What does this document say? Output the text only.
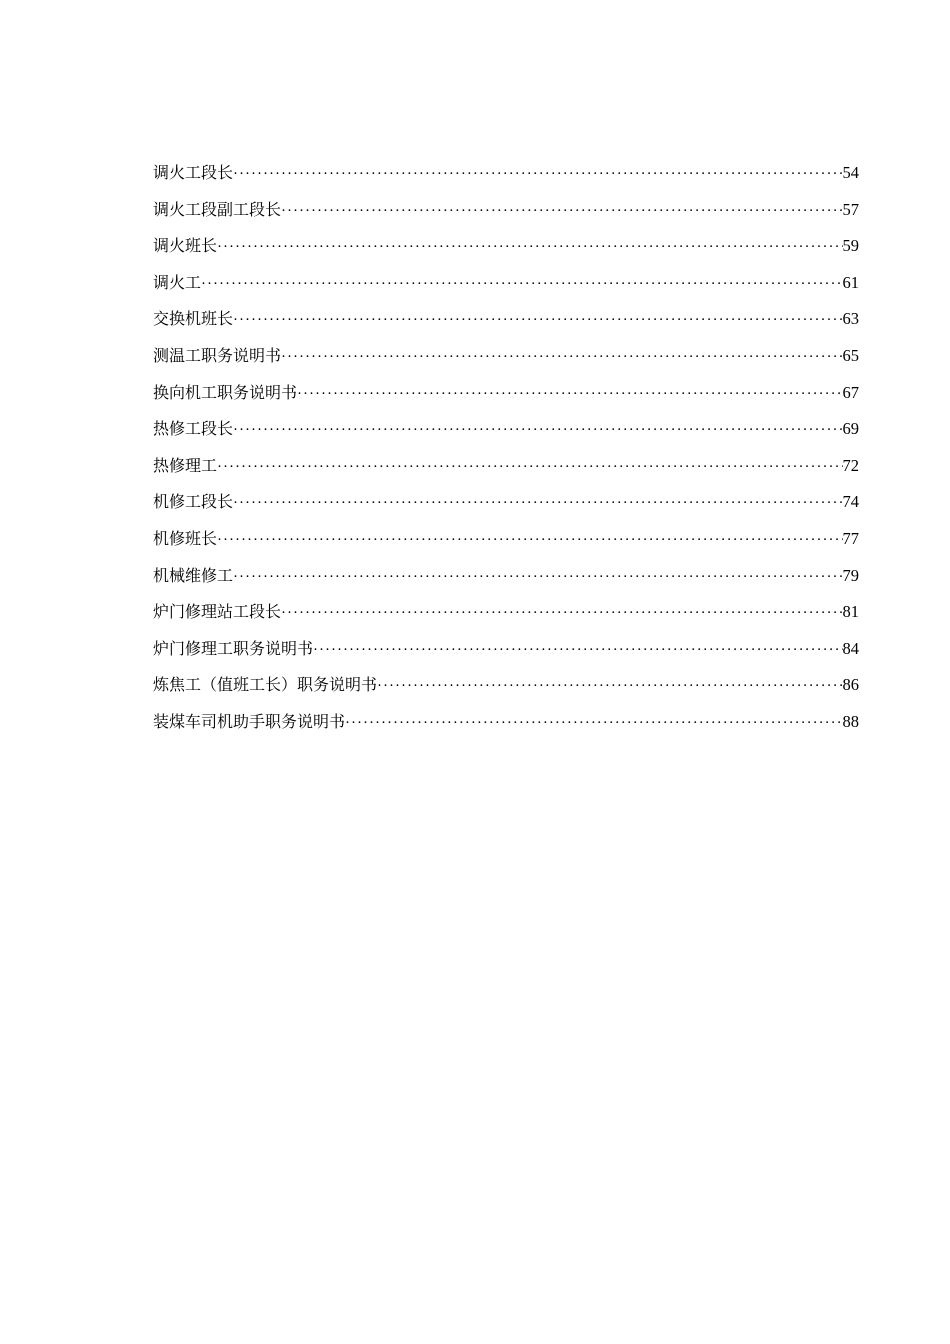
调火工段长 ·····	54
调火工段副工段长 ·····	57
调火班长 ·····	59
调火工 ·····	61
交换机班长 ·····	63
测温工职务说明书 ·····	65
换向机工职务说明书 ·····	67
热修工段长 ·····	69
热修理工 ·····	72
机修工段长 ·····	74
机修班长 ·····	77
机械维修工 ·····	79
炉门修理站工段长 ·····	81
炉门修理工职务说明书 ·····	84
炼焦工（值班工长）职务说明书 ·····	86
装煤车司机助手职务说明书 ·····	88
